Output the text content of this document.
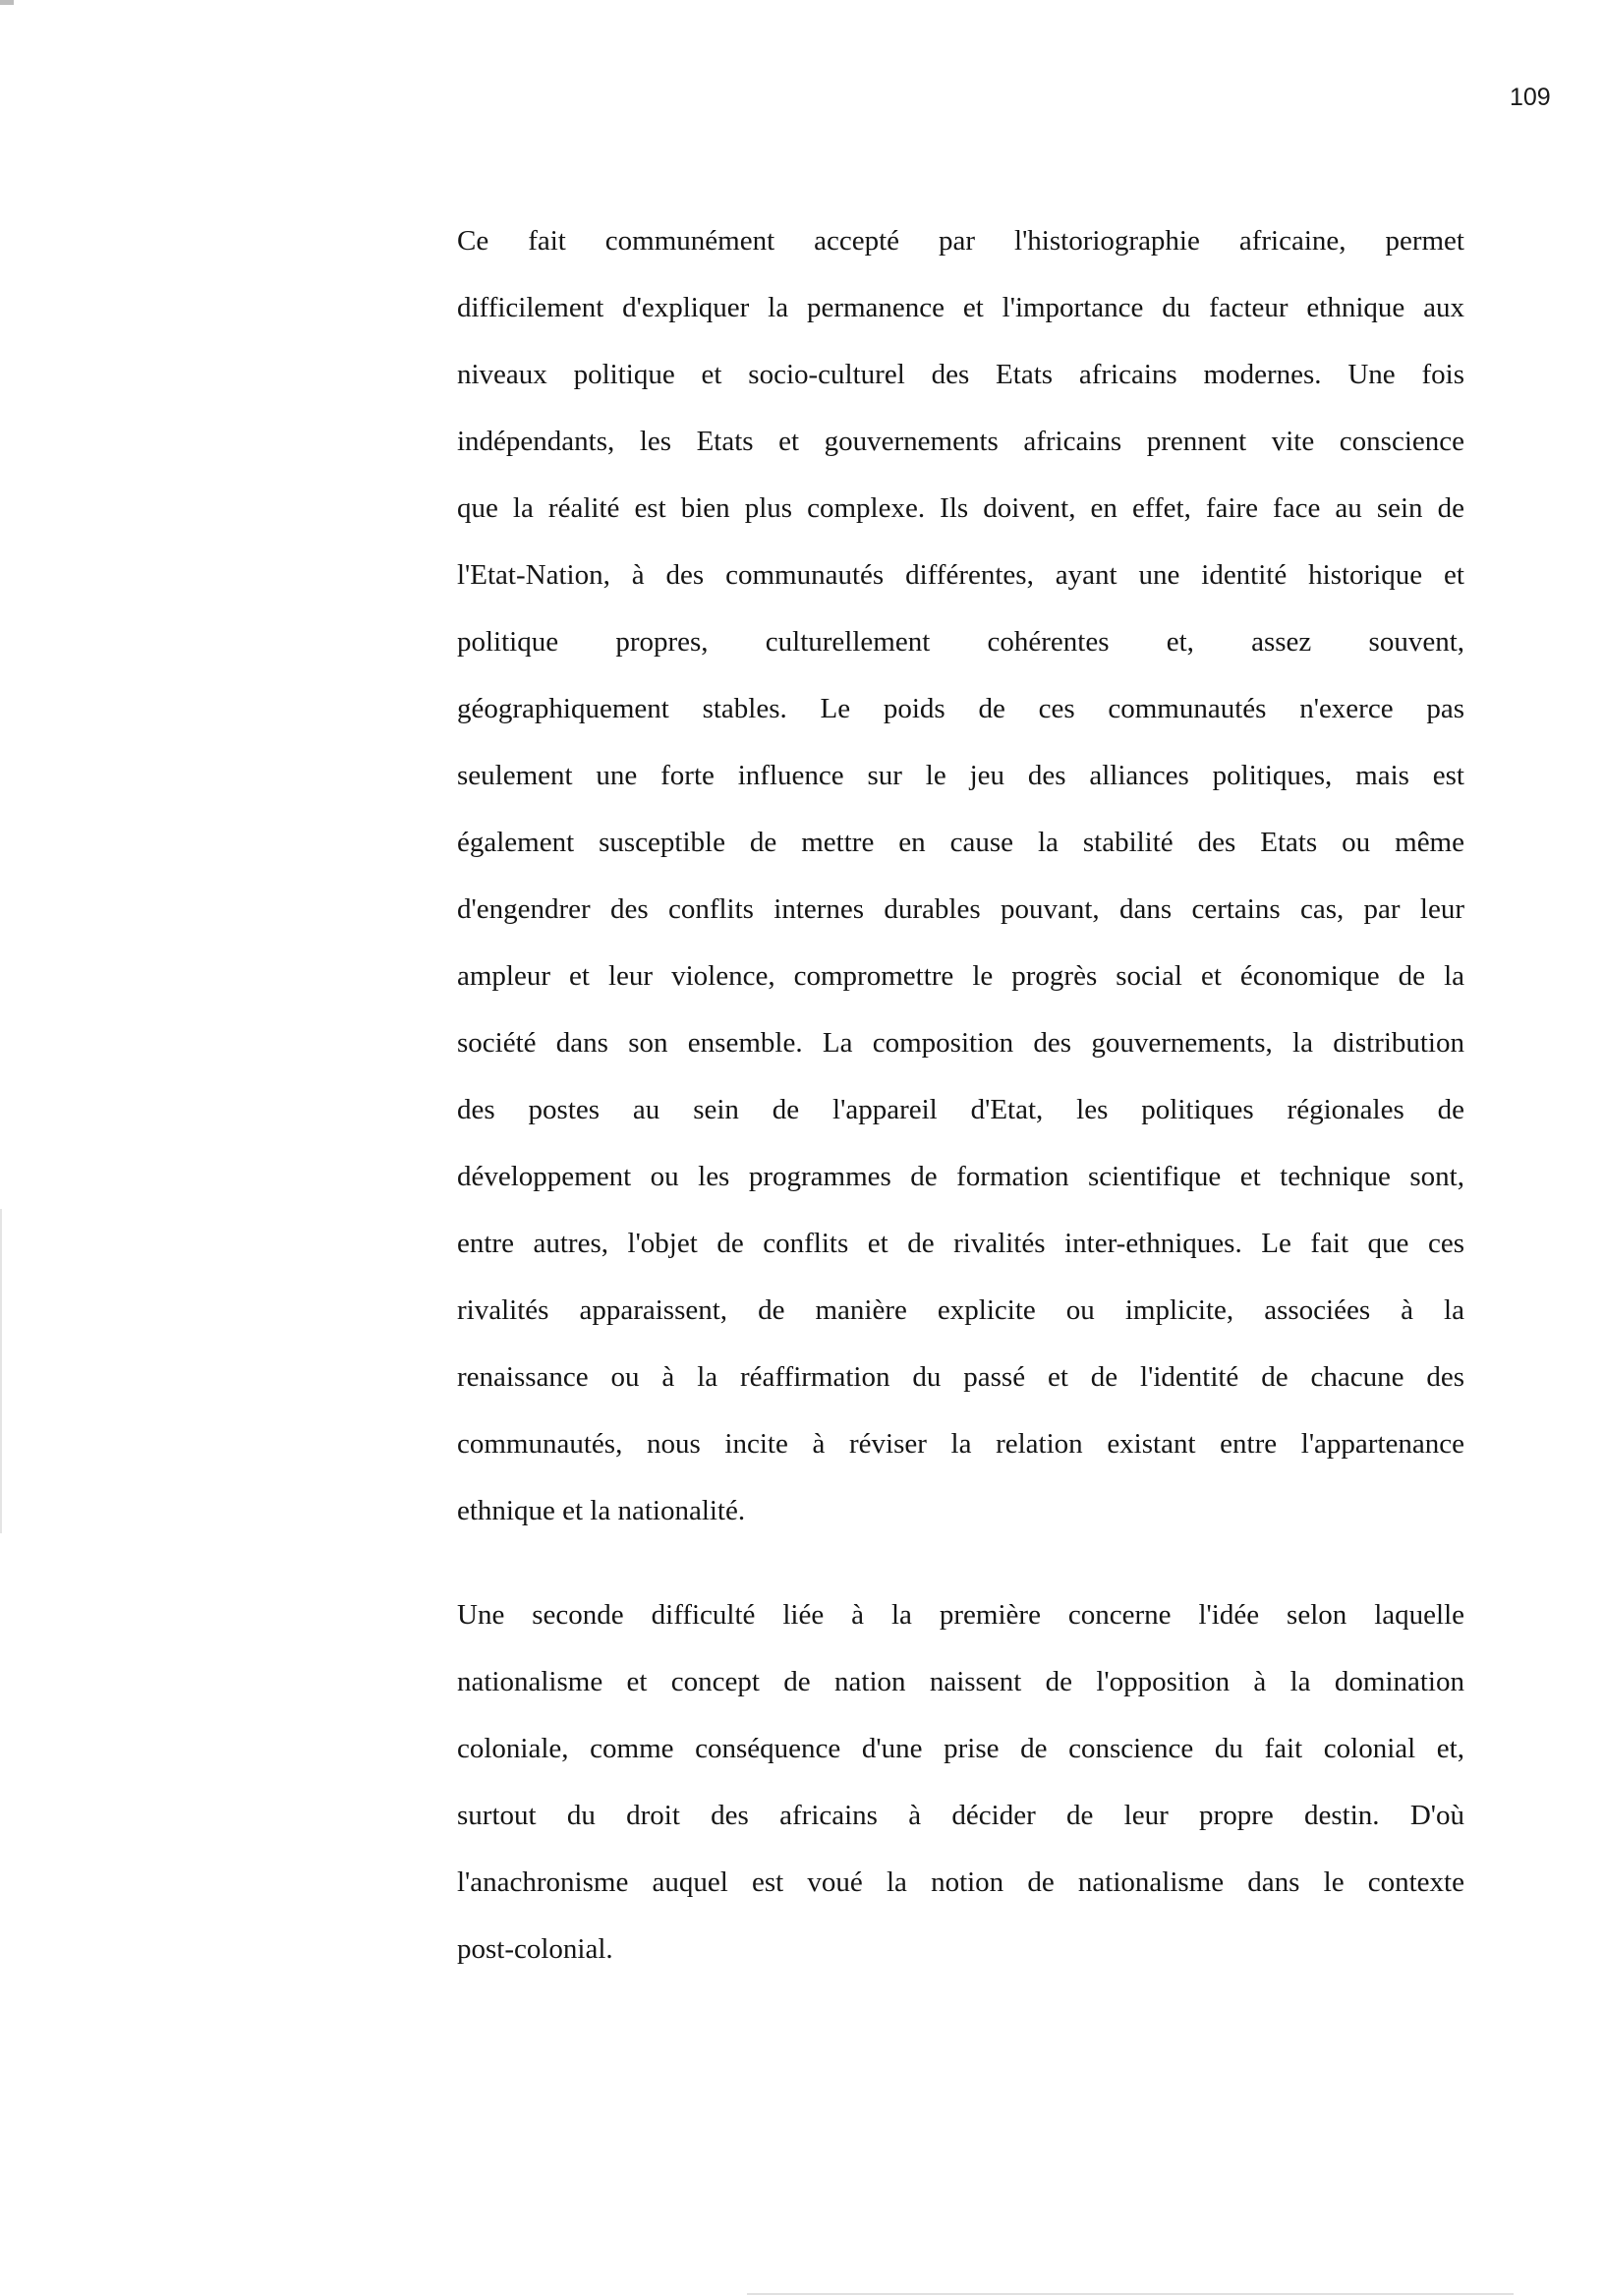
109
Ce fait communément accepté par l'historiographie africaine, permet
difficilement d'expliquer la permanence et l'importance du facteur ethnique aux
niveaux politique et socio-culturel des Etats africains modernes. Une fois
indépendants, les Etats et gouvernements africains prennent vite conscience
que la réalité est bien plus complexe. Ils doivent, en effet, faire face au sein de
l'Etat-Nation, à des communautés différentes, ayant une identité historique et
politique propres, culturellement cohérentes et, assez souvent,
géographiquement stables. Le poids de ces communautés n'exerce pas
seulement une forte influence sur le jeu des alliances politiques, mais est
également susceptible de mettre en cause la stabilité des Etats ou même
d'engendrer des conflits internes durables pouvant, dans certains cas, par leur
ampleur et leur violence, compromettre le progrès social et économique de la
société dans son ensemble. La composition des gouvernements, la distribution
des postes au sein de l'appareil d'Etat, les politiques régionales de
développement ou les programmes de formation scientifique et technique sont,
entre autres, l'objet de conflits et de rivalités inter-ethniques. Le fait que ces
rivalités apparaissent, de manière explicite ou implicite, associées à la
renaissance ou à la réaffirmation du passé et de l'identité de chacune des
communautés, nous incite à réviser la relation existant entre l'appartenance
ethnique et la nationalité.
Une seconde difficulté liée à la première concerne l'idée selon laquelle
nationalisme et concept de nation naissent de l'opposition à la domination
coloniale, comme conséquence d'une prise de conscience du fait colonial et,
surtout du droit des africains à décider de leur propre destin. D'où
l'anachronisme auquel est voué la notion de nationalisme dans le contexte
post-colonial.
